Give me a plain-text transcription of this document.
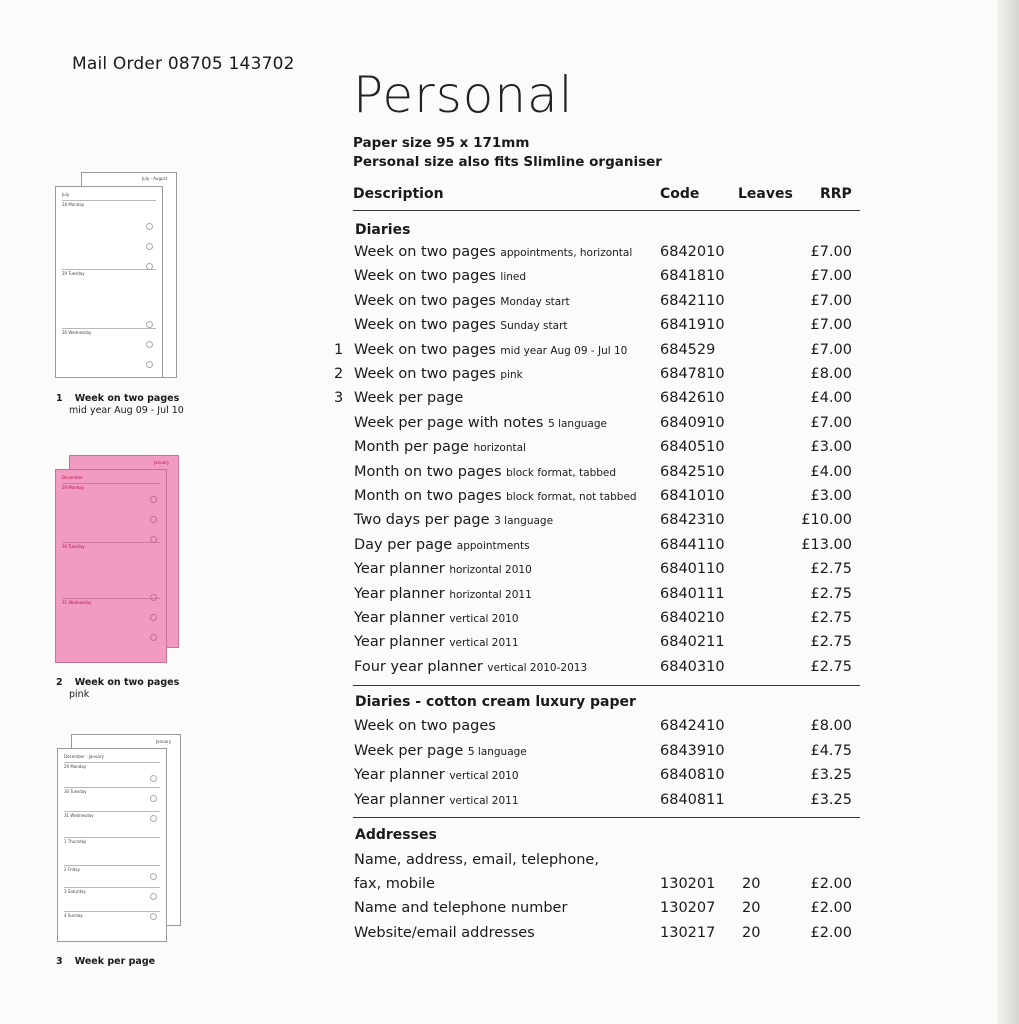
Mail Order 08705 143702
Personal
Paper size 95 x 171mm
Personal size also fits Slimline organiser
July - August
July
28 Monday
29 Tuesday
30 Wednesday
1 Week on two pages
mid year Aug 09 - Jul 10
January
December
29 Monday
30 Tuesday
31 Wednesday
2 Week on two pages
pink
January
December - January
29 Monday
30 Tuesday
31 Wednesday
1 Thursday
2 Friday
3 Saturday
4 Sunday
3 Week per page
Description	Code	Leaves RRP
Diaries
Week on two pages appointments, horizontal 6842010	£7.00
Week on two pages lined	6841810	£7.00
Week on two pages Monday start	6842110	£7.00
Week on two pages Sunday start	6841910	£7.00
1 Week on two pages mid year Aug 09 - Jul 10 684529	£7.00
2 Week on two pages pink	6847810	£8.00
3 Week per page	6842610	£4.00
Week per page with notes 5 language	6840910	£7.00
Month per page horizontal	6840510	£3.00
Month on two pages block format, tabbed	6842510	£4.00
Month on two pages block format, not tabbed 6841010	£3.00
Two days per page 3 language	6842310	£10.00
Day per page appointments	6844110	£13.00
Year planner horizontal 2010	6840110	£2.75
Year planner horizontal 2011	6840111	£2.75
Year planner vertical 2010	6840210	£2.75
Year planner vertical 2011	6840211	£2.75
Four year planner vertical 2010-2013	6840310	£2.75
Diaries - cotton cream luxury paper
Week on two pages	6842410	£8.00
Week per page 5 language	6843910	£4.75
Year planner vertical 2010	6840810	£3.25
Year planner vertical 2011	6840811	£3.25
Addresses
Name, address, email, telephone,
fax, mobile	130201 20	£2.00
Name and telephone number	130207 20	£2.00
Website/email addresses	130217 20	£2.00
